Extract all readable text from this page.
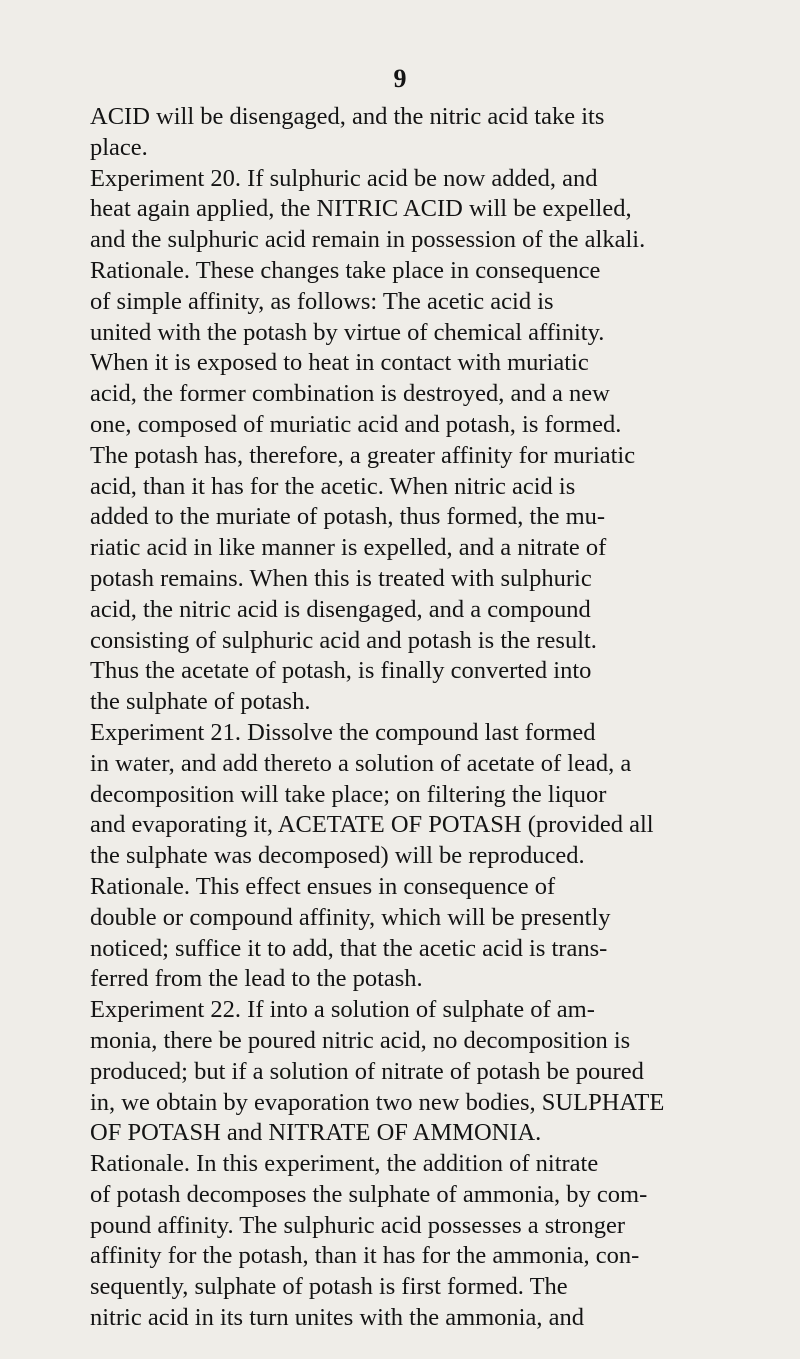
9
ACID will be disengaged, and the nitric acid take its
place.
Experiment 20. If sulphuric acid be now added, and
heat again applied, the NITRIC ACID will be expelled,
and the sulphuric acid remain in possession of the alkali.
Rationale. These changes take place in consequence
of simple affinity, as follows: The acetic acid is
united with the potash by virtue of chemical affinity.
When it is exposed to heat in contact with muriatic
acid, the former combination is destroyed, and a new
one, composed of muriatic acid and potash, is formed.
The potash has, therefore, a greater affinity for muriatic
acid, than it has for the acetic. When nitric acid is
added to the muriate of potash, thus formed, the mu-
riatic acid in like manner is expelled, and a nitrate of
potash remains. When this is treated with sulphuric
acid, the nitric acid is disengaged, and a compound
consisting of sulphuric acid and potash is the result.
Thus the acetate of potash, is finally converted into
the sulphate of potash.
Experiment 21. Dissolve the compound last formed
in water, and add thereto a solution of acetate of lead, a
decomposition will take place; on filtering the liquor
and evaporating it, ACETATE OF POTASH (provided all
the sulphate was decomposed) will be reproduced.
Rationale. This effect ensues in consequence of
double or compound affinity, which will be presently
noticed; suffice it to add, that the acetic acid is trans-
ferred from the lead to the potash.
Experiment 22. If into a solution of sulphate of am-
monia, there be poured nitric acid, no decomposition is
produced; but if a solution of nitrate of potash be poured
in, we obtain by evaporation two new bodies, SULPHATE
OF POTASH and NITRATE OF AMMONIA.
Rationale. In this experiment, the addition of nitrate
of potash decomposes the sulphate of ammonia, by com-
pound affinity. The sulphuric acid possesses a stronger
affinity for the potash, than it has for the ammonia, con-
sequently, sulphate of potash is first formed. The
nitric acid in its turn unites with the ammonia, and
